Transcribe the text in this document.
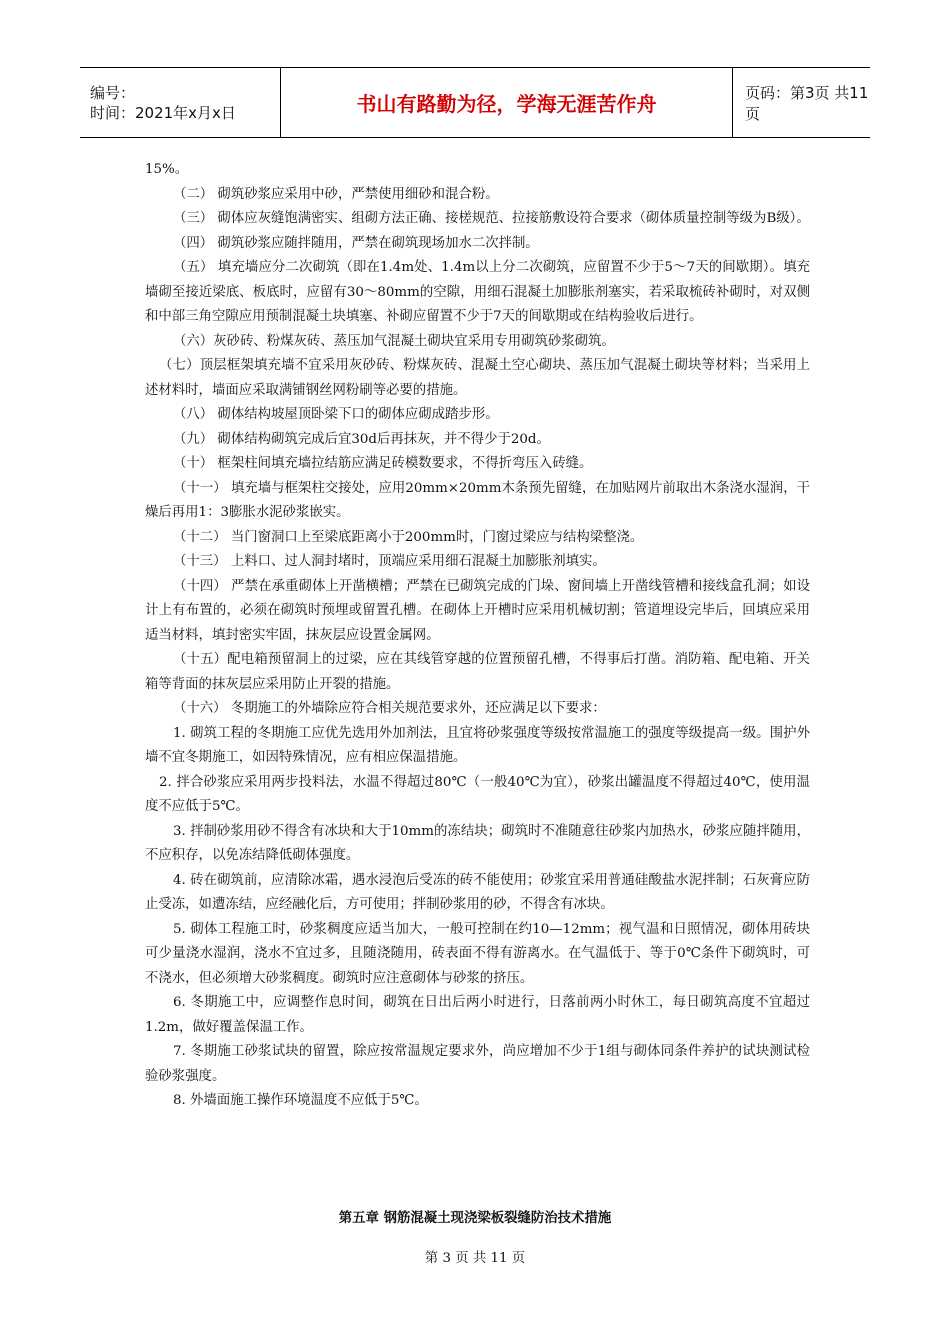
编号：
时间：2021年x月x日	书山有路勤为径，学海无涯苦作舟	页码：第3页 共11页

15%。

（二） 砌筑砂浆应采用中砂，严禁使用细砂和混合粉。

（三） 砌体应灰缝饱满密实、组砌方法正确、接槎规范、拉接筋敷设符合要求（砌体质量控制等级为B级）。

（四） 砌筑砂浆应随拌随用，严禁在砌筑现场加水二次拌制。

（五） 填充墙应分二次砌筑（即在1.4m处、1.4m以上分二次砌筑，应留置不少于5～7天的间歇期）。填充墙砌至接近梁底、板底时，应留有30～80mm的空隙，用细石混凝土加膨胀剂塞实，若采取梳砖补砌时，对双侧和中部三角空隙应用预制混凝土块填塞、补砌应留置不少于7天的间歇期或在结构验收后进行。

（六）灰砂砖、粉煤灰砖、蒸压加气混凝土砌块宜采用专用砌筑砂浆砌筑。

（七）顶层框架填充墙不宜采用灰砂砖、粉煤灰砖、混凝土空心砌块、蒸压加气混凝土砌块等材料；当采用上述材料时，墙面应采取满铺钢丝网粉刷等必要的措施。

（八） 砌体结构坡屋顶卧梁下口的砌体应砌成踏步形。

（九） 砌体结构砌筑完成后宜30d后再抹灰，并不得少于20d。

（十） 框架柱间填充墙拉结筋应满足砖模数要求，不得折弯压入砖缝。

（十一） 填充墙与框架柱交接处，应用20mm×20mm木条预先留缝，在加贴网片前取出木条浇水湿润，干燥后再用1：3膨胀水泥砂浆嵌实。

（十二） 当门窗洞口上至梁底距离小于200mm时，门窗过梁应与结构梁整浇。

（十三） 上料口、过人洞封堵时，顶端应采用细石混凝土加膨胀剂填实。

（十四） 严禁在承重砌体上开凿横槽；严禁在已砌筑完成的门垛、窗间墙上开凿线管槽和接线盒孔洞；如设计上有布置的，必须在砌筑时预埋或留置孔槽。在砌体上开槽时应采用机械切割；管道埋设完毕后，回填应采用适当材料，填封密实牢固，抹灰层应设置金属网。

（十五）配电箱预留洞上的过梁，应在其线管穿越的位置预留孔槽，不得事后打凿。消防箱、配电箱、开关箱等背面的抹灰层应采用防止开裂的措施。

（十六） 冬期施工的外墙除应符合相关规范要求外，还应满足以下要求：

1. 砌筑工程的冬期施工应优先选用外加剂法，且宜将砂浆强度等级按常温施工的强度等级提高一级。围护外墙不宜冬期施工，如因特殊情况，应有相应保温措施。

2. 拌合砂浆应采用两步投料法，水温不得超过80℃（一般40℃为宜），砂浆出罐温度不得超过40℃，使用温度不应低于5℃。

3. 拌制砂浆用砂不得含有冰块和大于10mm的冻结块；砌筑时不准随意往砂浆内加热水，砂浆应随拌随用，不应积存，以免冻结降低砌体强度。

4. 砖在砌筑前，应清除冰霜，遇水浸泡后受冻的砖不能使用；砂浆宜采用普通硅酸盐水泥拌制；石灰膏应防止受冻，如遭冻结，应经融化后，方可使用；拌制砂浆用的砂，不得含有冰块。

5. 砌体工程施工时，砂浆稠度应适当加大，一般可控制在约10—12mm；视气温和日照情况，砌体用砖块可少量浇水湿润，浇水不宜过多，且随浇随用，砖表面不得有游离水。在气温低于、等于0℃条件下砌筑时，可不浇水，但必须增大砂浆稠度。砌筑时应注意砌体与砂浆的挤压。

6. 冬期施工中，应调整作息时间，砌筑在日出后两小时进行，日落前两小时休工，每日砌筑高度不宜超过1.2m，做好覆盖保温工作。

7. 冬期施工砂浆试块的留置，除应按常温规定要求外，尚应增加不少于1组与砌体同条件养护的试块测试检验砂浆强度。

8. 外墙面施工操作环境温度不应低于5℃。

第五章 钢筋混凝土现浇梁板裂缝防治技术措施
第 3 页 共 11 页
